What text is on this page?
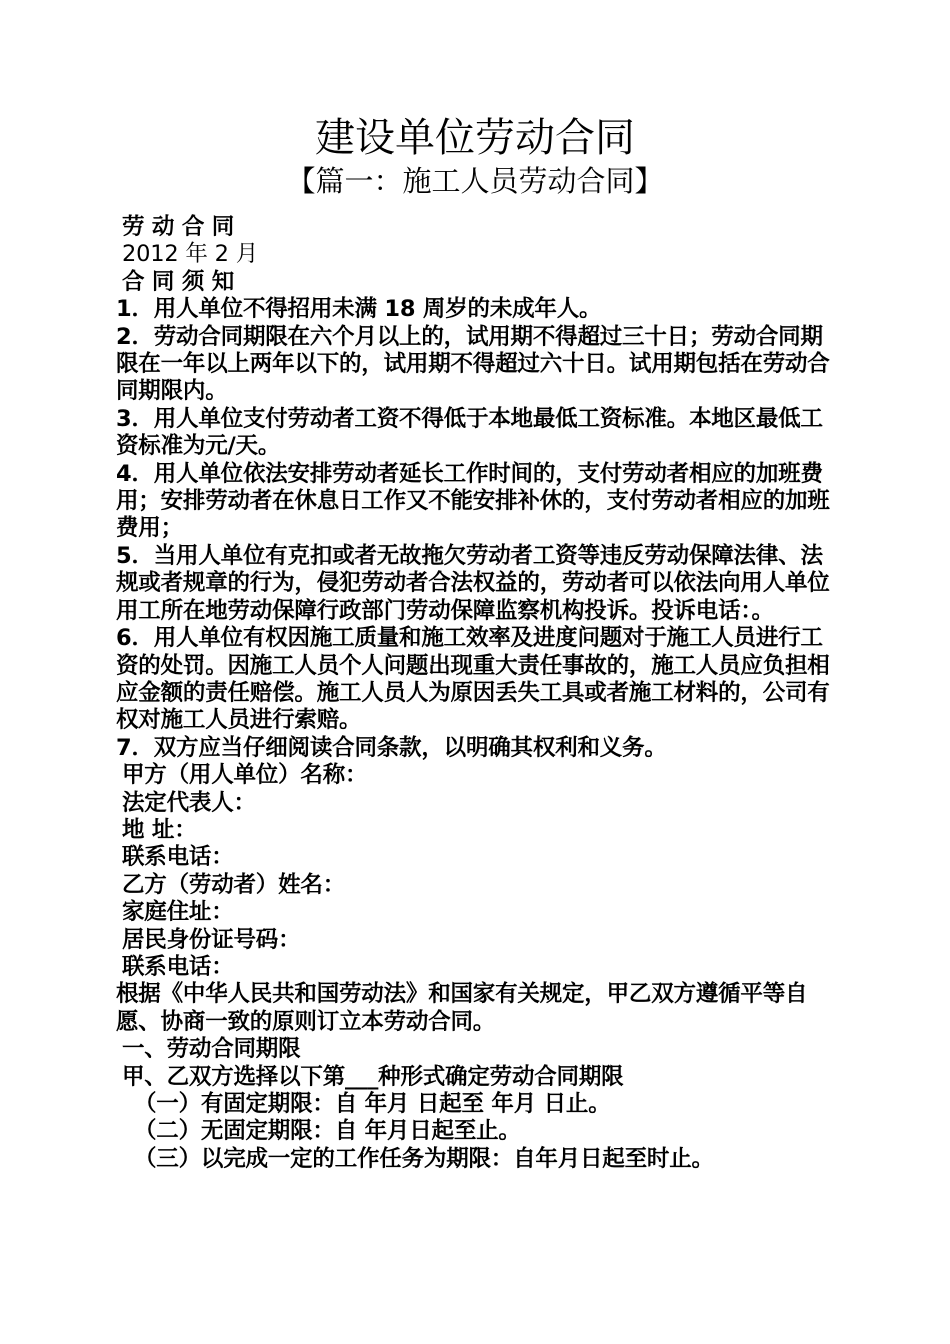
建设单位劳动合同
【篇一：施工人员劳动合同】

劳 动 合 同

2012 年 2 月

合 同 须 知

1．用人单位不得招用未满 18 周岁的未成年人。

2．劳动合同期限在六个月以上的，试用期不得超过三十日；劳动合同期限在一年以上两年以下的，试用期不得超过六十日。试用期包括在劳动合同期限内。

3．用人单位支付劳动者工资不得低于本地最低工资标准。本地区最低工资标准为元/天。

4．用人单位依法安排劳动者延长工作时间的，支付劳动者相应的加班费用；安排劳动者在休息日工作又不能安排补休的，支付劳动者相应的加班费用；

5．当用人单位有克扣或者无故拖欠劳动者工资等违反劳动保障法律、法规或者规章的行为，侵犯劳动者合法权益的，劳动者可以依法向用人单位用工所在地劳动保障行政部门劳动保障监察机构投诉。投诉电话：。

6．用人单位有权因施工质量和施工效率及进度问题对于施工人员进行工资的处罚。因施工人员个人问题出现重大责任事故的，施工人员应负担相应金额的责任赔偿。施工人员人为原因丢失工具或者施工材料的，公司有权对施工人员进行索赔。

7．双方应当仔细阅读合同条款，以明确其权利和义务。

甲方（用人单位）名称：

法定代表人：

地 址：

联系电话：

乙方（劳动者）姓名：

家庭住址：

居民身份证号码：

联系电话：

根据《中华人民共和国劳动法》和国家有关规定，甲乙双方遵循平等自愿、协商一致的原则订立本劳动合同。

一、劳动合同期限

甲、乙双方选择以下第___种形式确定劳动合同期限

（一）有固定期限：自 年月 日起至 年月 日止。

（二）无固定期限：自 年月日起至止。

（三）以完成一定的工作任务为期限：自年月日起至时止。
